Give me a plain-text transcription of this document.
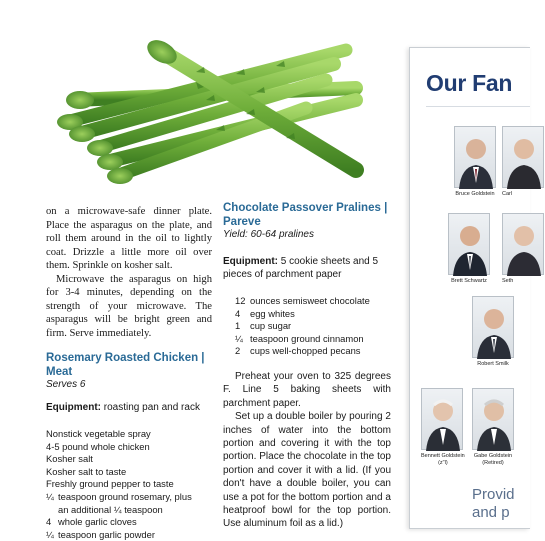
on a microwave-safe dinner plate. Place the asparagus on the plate, and roll them around in the oil to lightly coat. Drizzle a little more oil over them. Sprinkle on kosher salt.

Microwave the asparagus on high for 3-4 minutes, depending on the strength of your microwave. The asparagus will be bright green and firm. Serve immediately.

Rosemary Roasted Chicken | Meat

Serves 6

Equipment: roasting pan and rack

Nonstick vegetable spray
4-5 pound whole chicken
Kosher salt
Kosher salt to taste
Freshly ground pepper to taste
¼ teaspoon ground rosemary, plus
an additional ¼ teaspoon
4 whole garlic cloves
¼ teaspoon garlic powder

Chocolate Passover Pralines | Pareve

Yield: 60-64 pralines

Equipment: 5 cookie sheets and 5 pieces of parchment paper

12 ounces semisweet chocolate
4	egg whites
1	cup sugar
¼ teaspoon ground cinnamon
2	cups well-chopped pecans

Preheat your oven to 325 degrees F. Line 5 baking sheets with parchment paper.

Set up a double boiler by pouring 2 inches of water into the bottom portion and covering it with the top portion. Place the chocolate in the top portion and cover it with a lid. (If you don't have a double boiler, you can use a pot for the bottom portion and a heatproof bowl for the top portion. Use aluminum foil as a lid.)

Our Fan

Bruce Goldstein Carl
Brett Schwartz	Seth
Robert Smilk
Bennett Goldstein
(z"l)
Gabe Goldstein
(Retired)

Provid

and p
